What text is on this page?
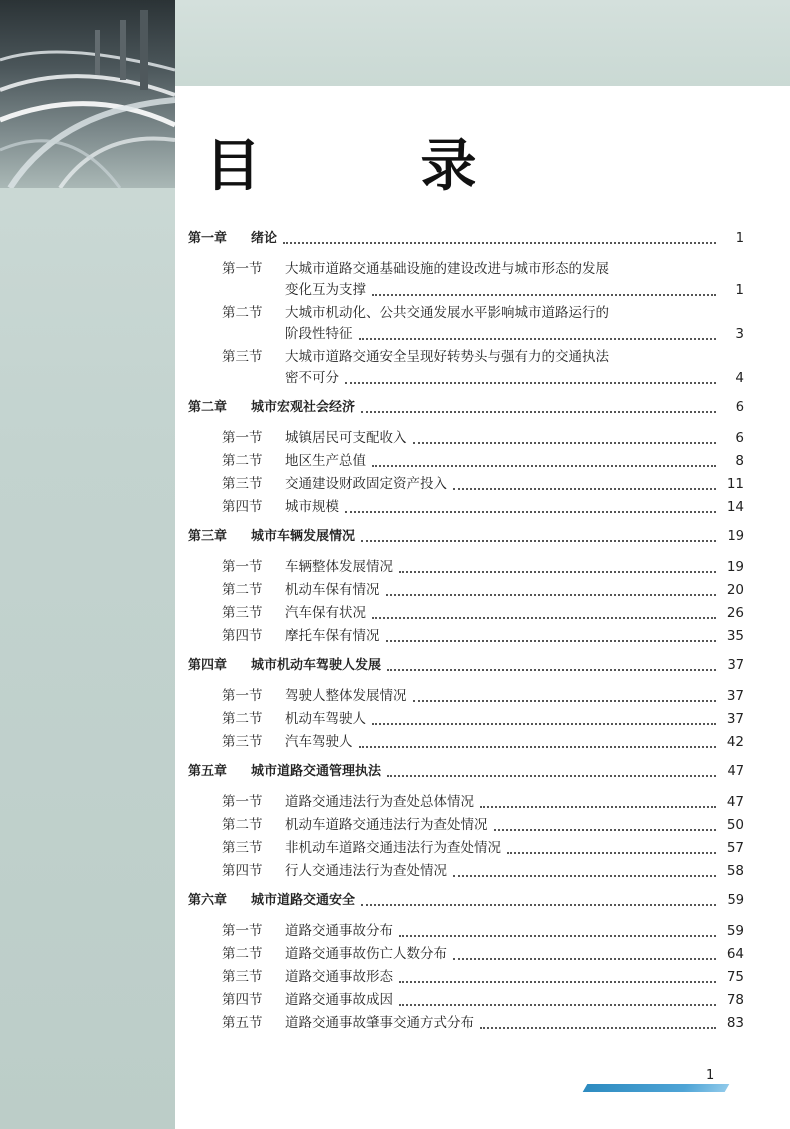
目 录
第一章	绪论	1
第一节	大城市道路交通基础设施的建设改进与城市形态的发展
变化互为支撑	1
第二节	大城市机动化、公共交通发展水平影响城市道路运行的
阶段性特征	3
第三节	大城市道路交通安全呈现好转势头与强有力的交通执法
密不可分	4
第二章	城市宏观社会经济	6
第一节	城镇居民可支配收入	6
第二节	地区生产总值	8
第三节	交通建设财政固定资产投入	11
第四节	城市规模	14
第三章	城市车辆发展情况	19
第一节	车辆整体发展情况	19
第二节	机动车保有情况	20
第三节	汽车保有状况	26
第四节	摩托车保有情况	35
第四章	城市机动车驾驶人发展	37
第一节	驾驶人整体发展情况	37
第二节	机动车驾驶人	37
第三节	汽车驾驶人	42
第五章	城市道路交通管理执法	47
第一节	道路交通违法行为查处总体情况	47
第二节	机动车道路交通违法行为查处情况	50
第三节	非机动车道路交通违法行为查处情况	57
第四节	行人交通违法行为查处情况	58
第六章	城市道路交通安全	59
第一节	道路交通事故分布	59
第二节	道路交通事故伤亡人数分布	64
第三节	道路交通事故形态	75
第四节	道路交通事故成因	78
第五节	道路交通事故肇事交通方式分布	83
1
